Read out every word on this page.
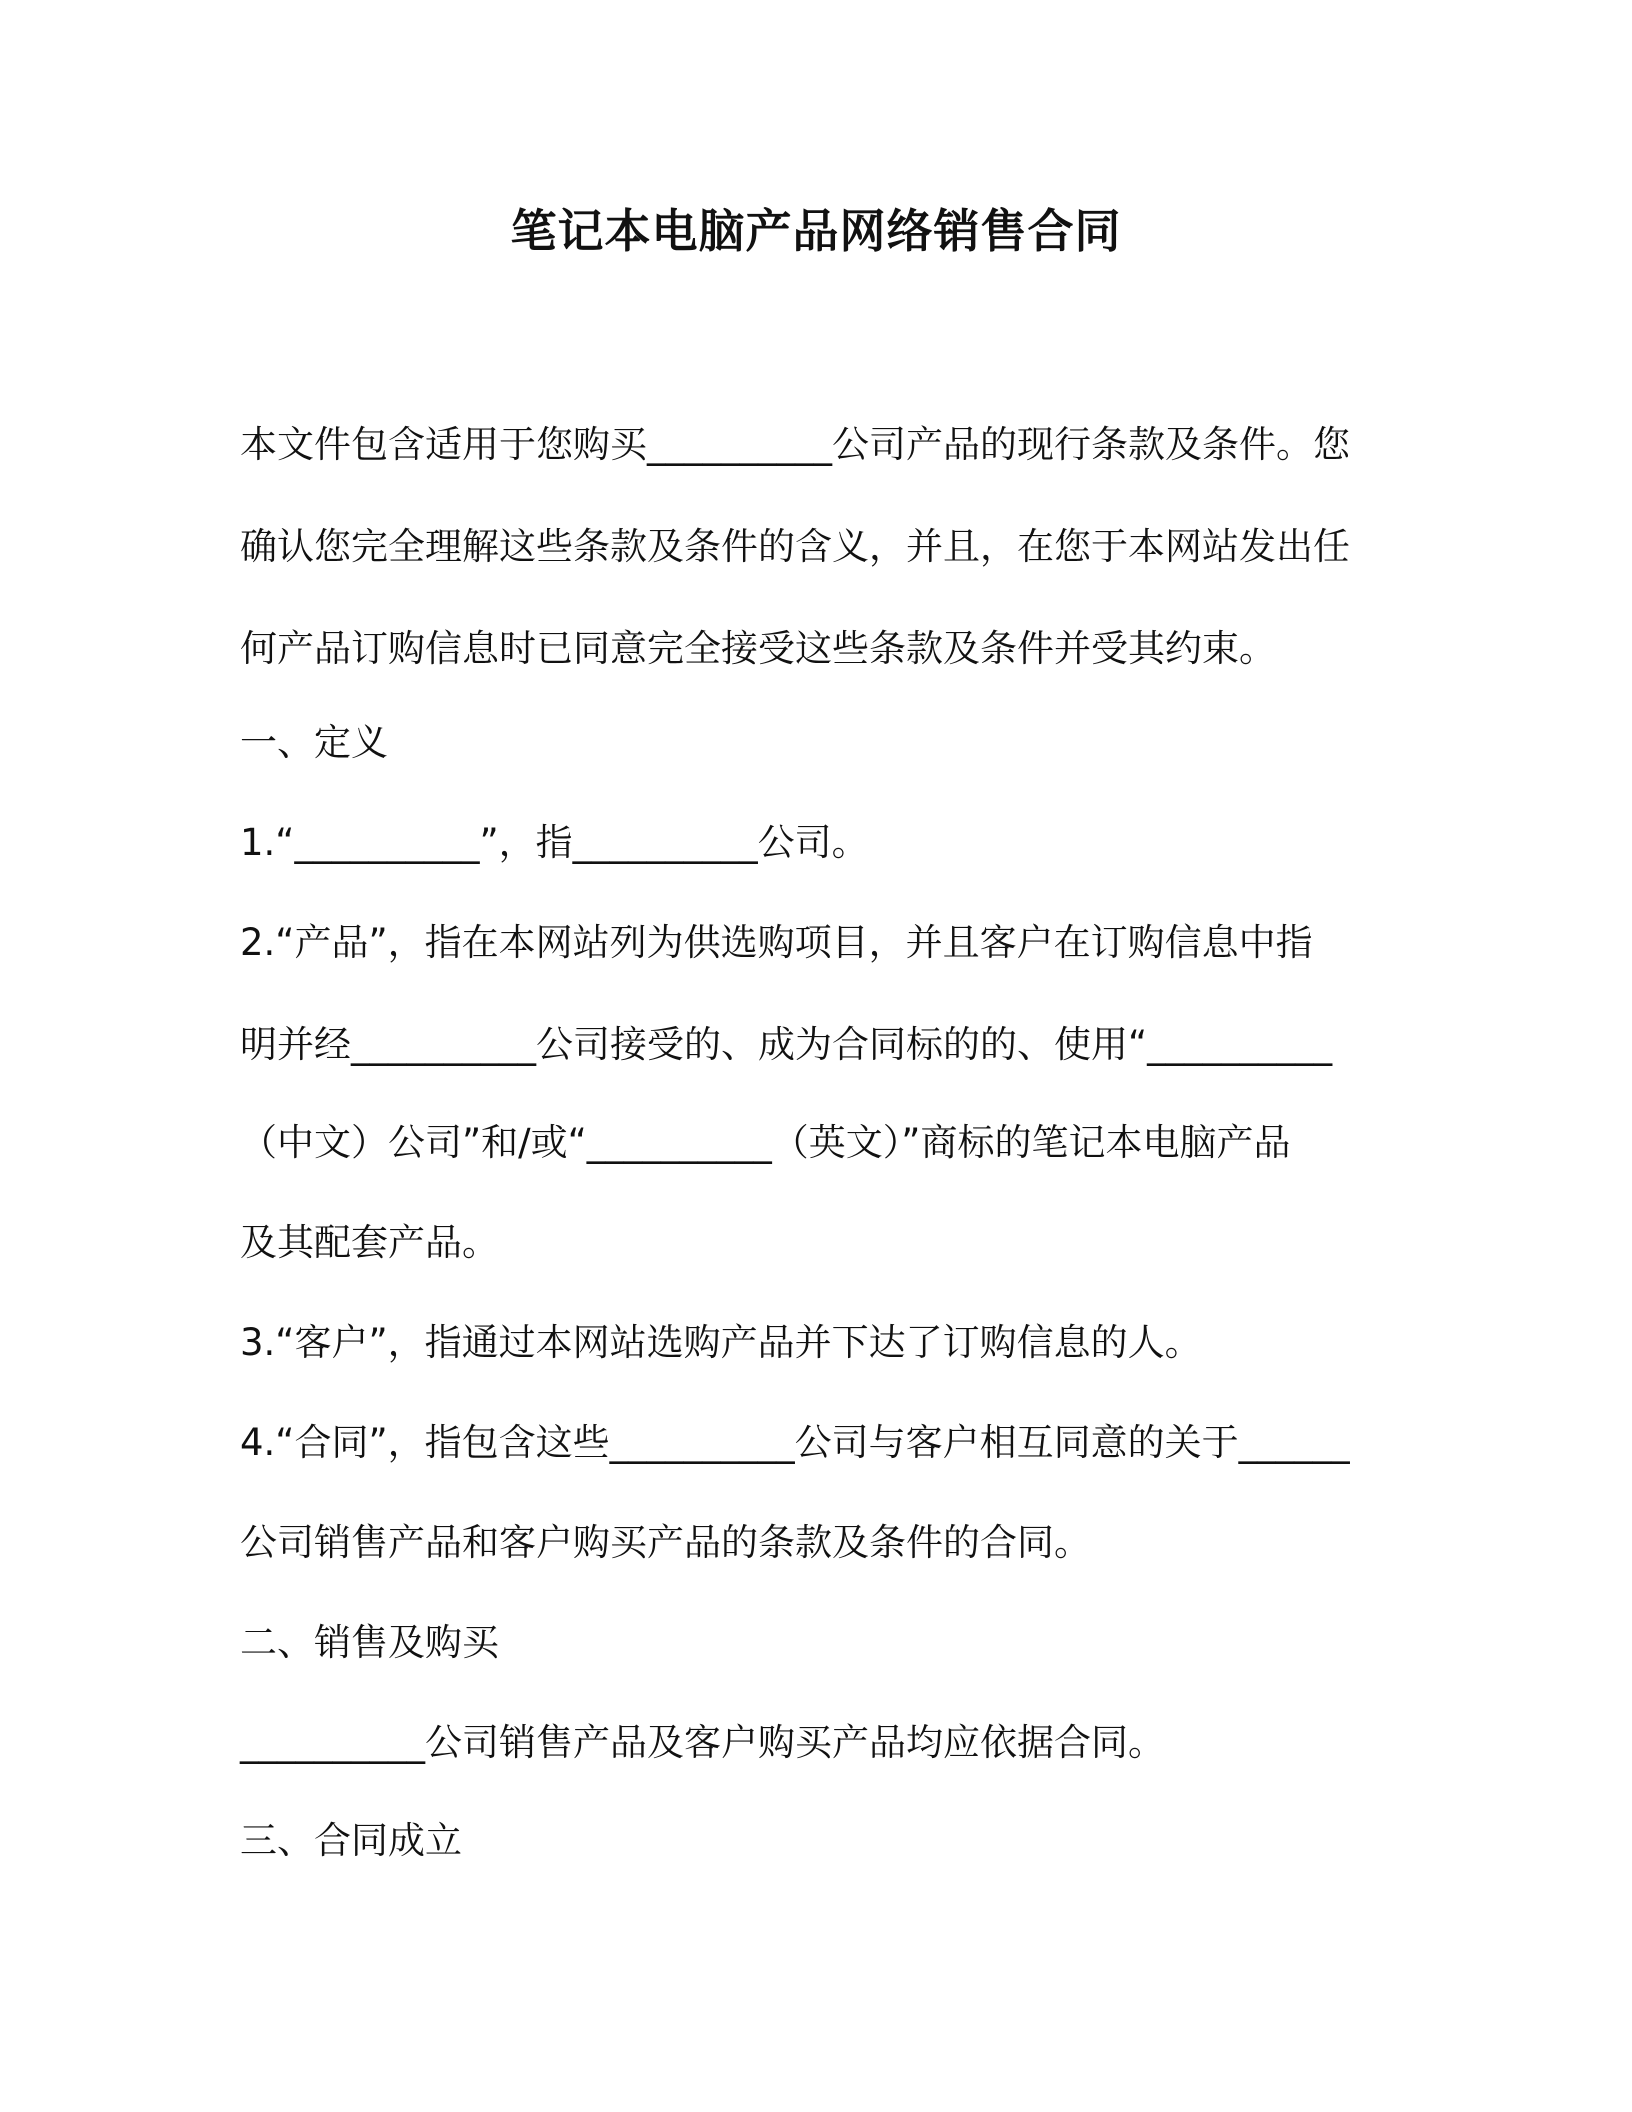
笔记本电脑产品网络销售合同
本文件包含适用于您购买__________公司产品的现行条款及条件。您
确认您完全理解这些条款及条件的含义，并且，在您于本网站发出任
何产品订购信息时已同意完全接受这些条款及条件并受其约束。
一、定义
1.“__________”，指__________公司。
2.“产品”，指在本网站列为供选购项目，并且客户在订购信息中指
明并经__________公司接受的、成为合同标的的、使用“__________
（中文）公司”和/或“__________（英文）”商标的笔记本电脑产品
及其配套产品。
3.“客户”，指通过本网站选购产品并下达了订购信息的人。
4.“合同”，指包含这些__________公司与客户相互同意的关于______
公司销售产品和客户购买产品的条款及条件的合同。
二、销售及购买
__________公司销售产品及客户购买产品均应依据合同。
三、合同成立
